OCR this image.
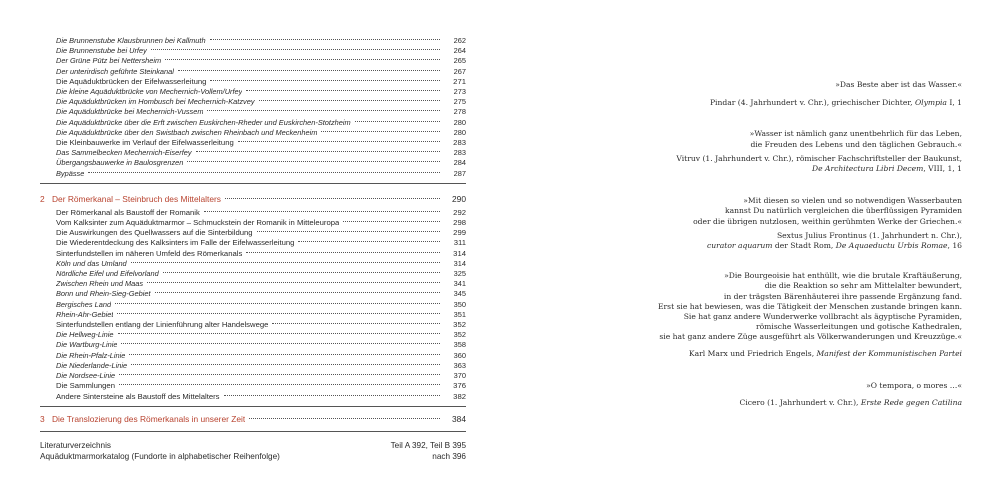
Die Brunnenstube Klausbrunnen bei Kallmuth	262
Die Brunnenstube bei Urfey	264
Der Grüne Pütz bei Nettersheim	265
Der unterirdisch geführte Steinkanal	267
Die Aquäduktbrücken der Eifelwasserleitung	271
Die kleine Aquäduktbrücke von Mechernich-Vollem/Urfey	273
Die Aquäduktbrücken im Hombusch bei Mechernich-Katzvey	275
Die Aquäduktbrücke bei Mechernich-Vussem	278
Die Aquäduktbrücke über die Erft zwischen Euskirchen-Rheder und Euskirchen-Stotzheim	280
Die Aquäduktbrücke über den Swistbach zwischen Rheinbach und Meckenheim	280
Die Kleinbauwerke im Verlauf der Eifelwasserleitung	283
Das Sammelbecken Mechernich-Eiserfey	283
Übergangsbauwerke in Baulosgrenzen	284
Bypässe	287
2 Der Römerkanal – Steinbruch des Mittelalters	290
Der Römerkanal als Baustoff der Romanik	292
Vom Kalksinter zum Aquäduktmarmor – Schmuckstein der Romanik in Mitteleuropa	298
Die Auswirkungen des Quellwassers auf die Sinterbildung	299
Die Wiederentdeckung des Kalksinters im Falle der Eifelwasserleitung	311
Sinterfundstellen im näheren Umfeld des Römerkanals	314
Köln und das Umland	314
Nördliche Eifel und Eifelvorland	325
Zwischen Rhein und Maas	341
Bonn und Rhein-Sieg-Gebiet	345
Bergisches Land	350
Rhein-Ahr-Gebiet	351
Sinterfundstellen entlang der Linienführung alter Handelswege	352
Die Hellweg-Linie	352
Die Wartburg-Linie	358
Die Rhein-Pfalz-Linie	360
Die Niederlande-Linie	363
Die Nordsee-Linie	370
Die Sammlungen	376
Andere Sintersteine als Baustoff des Mittelalters	382
3 Die Translozierung des Römerkanals in unserer Zeit	384
Literaturverzeichnis	Teil A 392, Teil B 395
Aquäduktmarmorkatalog (Fundorte in alphabetischer Reihenfolge)	nach 396
»Das Beste aber ist das Wasser.«
Pindar (4. Jahrhundert v. Chr.), griechischer Dichter, Olympia I, 1
»Wasser ist nämlich ganz unentbehrlich für das Leben,
die Freuden des Lebens und den täglichen Gebrauch.«
Vitruv (1. Jahrhundert v. Chr.), römischer Fachschriftsteller der Baukunst,
De Architectura Libri Decem, VIII, 1, 1
»Mit diesen so vielen und so notwendigen Wasserbauten
kannst Du natürlich vergleichen die überflüssigen Pyramiden
oder die übrigen nutzlosen, weithin gerühmten Werke der Griechen.«
Sextus Julius Frontinus (1. Jahrhundert n. Chr.),
curator aquarum der Stadt Rom, De Aquaeductu Urbis Romae, 16
»Die Bourgeoisie hat enthüllt, wie die brutale Kraftäußerung,
die die Reaktion so sehr am Mittelalter bewundert,
in der trägsten Bärenhäuterei ihre passende Ergänzung fand.
Erst sie hat bewiesen, was die Tätigkeit der Menschen zustande bringen kann.
Sie hat ganz andere Wunderwerke vollbracht als ägyptische Pyramiden,
römische Wasserleitungen und gotische Kathedralen,
sie hat ganz andere Züge ausgeführt als Völkerwanderungen und Kreuzzüge.«
Karl Marx und Friedrich Engels, Manifest der Kommunistischen Partei
»O tempora, o mores …«
Cicero (1. Jahrhundert v. Chr.), Erste Rede gegen Catilina
